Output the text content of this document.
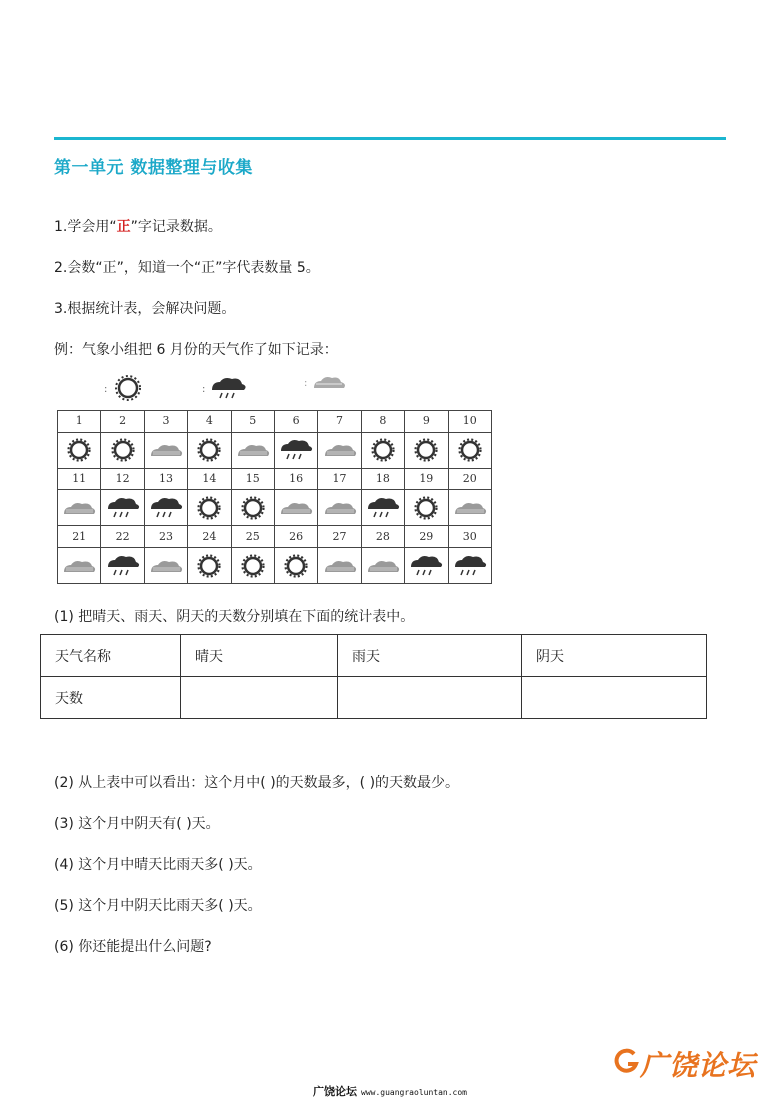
第一单元 数据整理与收集
1.学会用“正”字记录数据。
2.会数“正”，知道一个“正”字代表数量 5。
3.根据统计表，会解决问题。
例：气象小组把 6 月份的天气作了如下记录：
:	:
:
1	2	3	4	5	6	7	8	9	10

11	12	13	14	15	16	17	18	19	20

21	22	23	24	25	26	27	28	29	30

(1) 把晴天、雨天、阴天的天数分别填在下面的统计表中。
天气名称	晴天	雨天	阴天
天数			
(2) 从上表中可以看出：这个月中( )的天数最多，( )的天数最少。
(3) 这个月中阴天有( )天。
(4) 这个月中晴天比雨天多( )天。
(5) 这个月中阴天比雨天多( )天。
(6) 你还能提出什么问题?
广饶论坛
广饶论坛 www.guangraoluntan.com
